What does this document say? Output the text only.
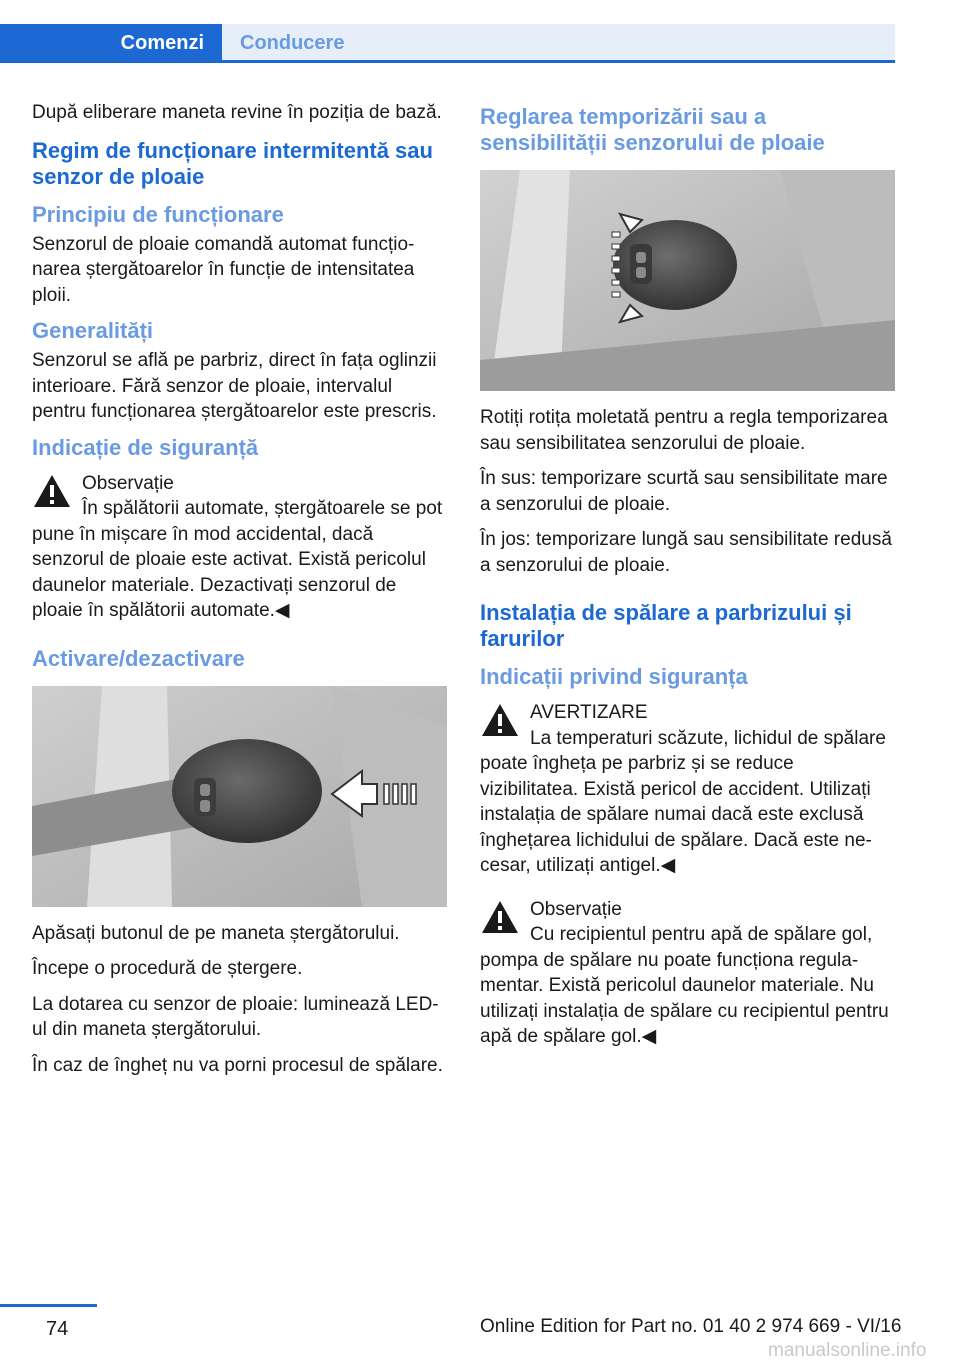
Comenzi	Conducere

După eliberare maneta revine în poziția de bază.

Regim de funcționare intermitentă sau senzor de ploaie
Principiu de funcționare

Senzorul de ploaie comandă automat funcționarea ștergătoarelor în funcție de intensitatea ploii.

Generalități

Senzorul se află pe parbriz, direct în fața oglinzii interioare. Fără senzor de ploaie, intervalul pentru funcționarea ștergătoarelor este prescris.

Indicație de siguranță
Observație
În spălătorii automate, ștergătoarele se pot pune în mișcare în mod accidental, dacă senzorul de ploaie este activat. Există pericolul daunelor materiale. Dezactivați senzorul de ploaie în spălătorii automate.◀
Activare/dezactivare

Apăsați butonul de pe maneta ștergătorului.

Începe o procedură de ștergere.

La dotarea cu senzor de ploaie: luminează LED-ul din maneta ștergătorului.

În caz de îngheț nu va porni procesul de spălare.

Reglarea temporizării sau a sensibilității senzorului de ploaie

Rotiți rotița moletată pentru a regla temporizarea sau sensibilitatea senzorului de ploaie.

În sus: temporizare scurtă sau sensibilitate mare a senzorului de ploaie.

În jos: temporizare lungă sau sensibilitate redusă a senzorului de ploaie.

Instalația de spălare a parbrizului și farurilor
Indicații privind siguranța
AVERTIZARE
La temperaturi scăzute, lichidul de spălare poate îngheța pe parbriz și se reduce vizibilitatea. Există pericol de accident. Utilizați instalația de spălare numai dacă este exclusă înghețarea lichidului de spălare. Dacă este necesar, utilizați antigel.◀
Observație
Cu recipientul pentru apă de spălare gol, pompa de spălare nu poate funcționa regulamentar. Există pericolul daunelor materiale. Nu utilizați instalația de spălare cu recipientul pentru apă de spălare gol.◀
74	Online Edition for Part no. 01 40 2 974 669 - VI/16
manualsonline.info
